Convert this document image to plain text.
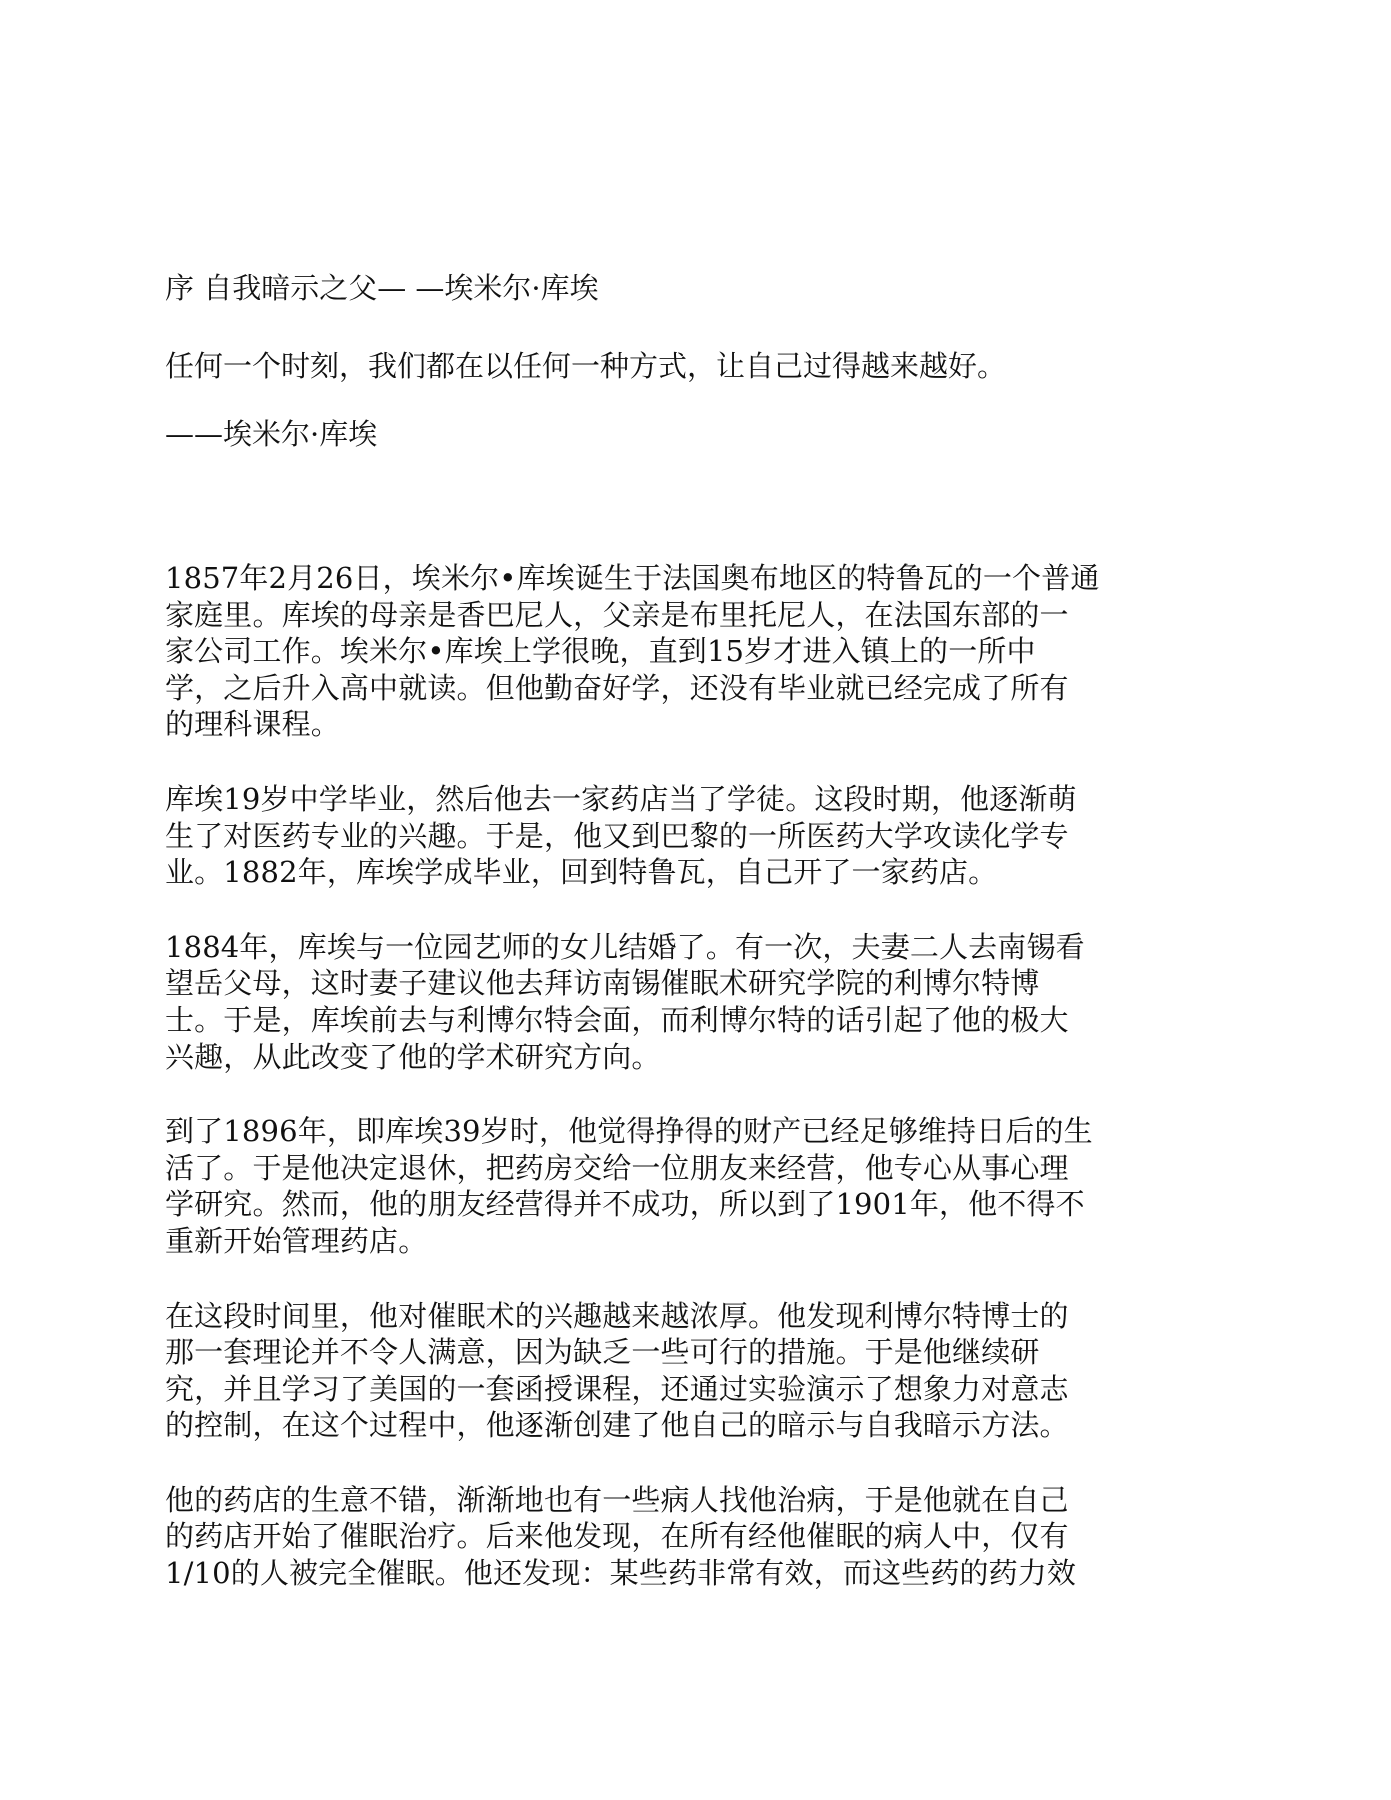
序 自我暗示之父— —埃米尔·库埃

任何一个时刻，我们都在以任何一种方式，让自己过得越来越好。

——埃米尔·库埃

1857年2月26日，埃米尔•库埃诞生于法国奥布地区的特鲁瓦的一个普通
家庭里。库埃的母亲是香巴尼人，父亲是布里托尼人，在法国东部的一
家公司工作。埃米尔•库埃上学很晚，直到15岁才进入镇上的一所中
学，之后升入高中就读。但他勤奋好学，还没有毕业就已经完成了所有
的理科课程。

库埃19岁中学毕业，然后他去一家药店当了学徒。这段时期，他逐渐萌
生了对医药专业的兴趣。于是，他又到巴黎的一所医药大学攻读化学专
业。1882年，库埃学成毕业，回到特鲁瓦，自己开了一家药店。

1884年，库埃与一位园艺师的女儿结婚了。有一次，夫妻二人去南锡看
望岳父母，这时妻子建议他去拜访南锡催眠术研究学院的利博尔特博
士。于是，库埃前去与利博尔特会面，而利博尔特的话引起了他的极大
兴趣，从此改变了他的学术研究方向。

到了1896年，即库埃39岁时，他觉得挣得的财产已经足够维持日后的生
活了。于是他决定退休，把药房交给一位朋友来经营，他专心从事心理
学研究。然而，他的朋友经营得并不成功，所以到了1901年，他不得不
重新开始管理药店。

在这段时间里，他对催眠术的兴趣越来越浓厚。他发现利博尔特博士的
那一套理论并不令人满意，因为缺乏一些可行的措施。于是他继续研
究，并且学习了美国的一套函授课程，还通过实验演示了想象力对意志
的控制，在这个过程中，他逐渐创建了他自己的暗示与自我暗示方法。

他的药店的生意不错，渐渐地也有一些病人找他治病，于是他就在自己
的药店开始了催眠治疗。后来他发现，在所有经他催眠的病人中，仅有
1/10的人被完全催眠。他还发现：某些药非常有效，而这些药的药力效
